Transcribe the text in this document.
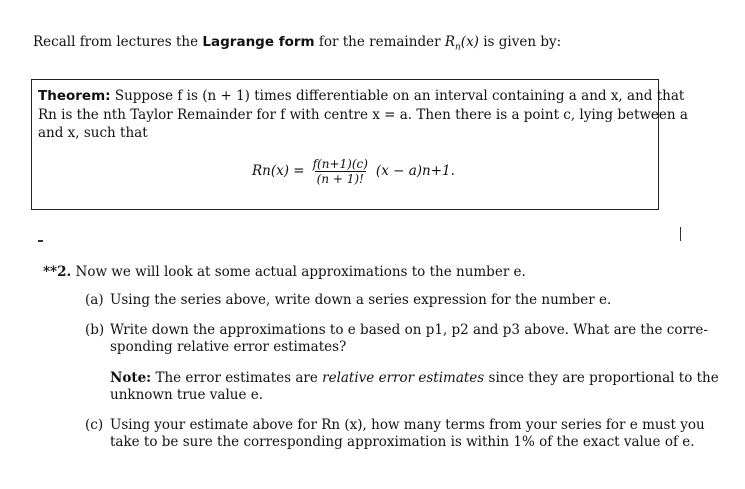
Recall from lectures the Lagrange form for the remainder $R_n(x)$ is given by:
Theorem: Suppose f is (n + 1) times differentiable on an interval containing a and x, and that
Rn is the nth Taylor Remainder for f with centre x = a. Then there is a point c, lying between a
and x, such that
$Rn(x) = \frac{f(n+1)(c)}{(n + 1)!} (x - a)n+1$.
**2. Now we will look at some actual approximations to the number e.
(a) Using the series above, write down a series expression for the number e.
(b) Write down the approximations to e based on p1, p2 and p3 above. What are the corre-
sponding relative error estimates?
Note: The error estimates are relative error estimates since they are proportional to the
unknown true value e.
(c) Using your estimate above for Rn (x), how many terms from your series for e must you
take to be sure the corresponding approximation is within 1% of the exact value of e.
